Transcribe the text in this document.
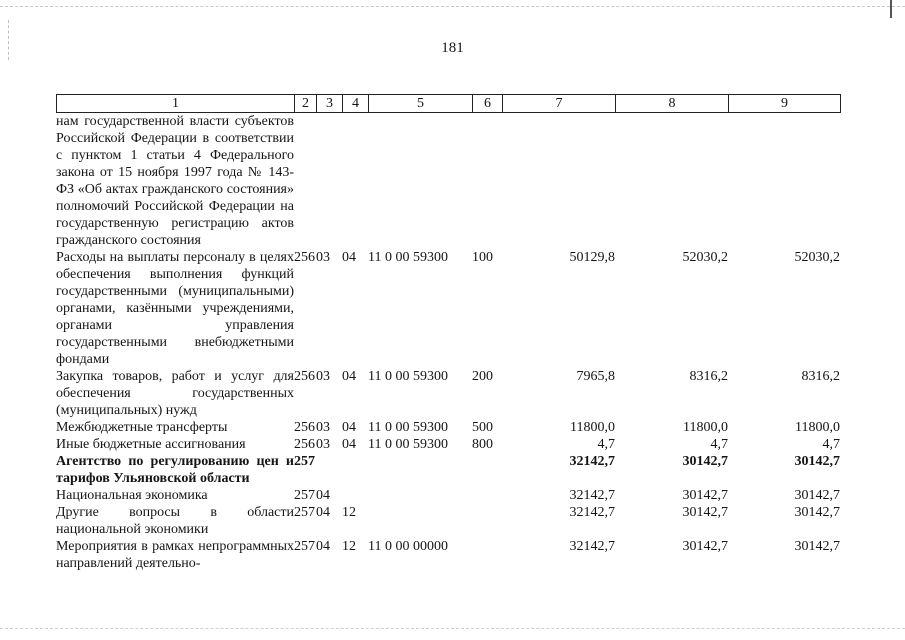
181
1	2	3	4	5	6	7	8	9
нам государственной власти субъектов Российской Федерации в соответствии с пунктом 1 статьи 4 Федерального закона от 15 ноября 1997 года № 143-ФЗ «Об актах гражданского состояния» полномочий Российской Федерации на государственную регистрацию актов гражданского состояния								
Расходы на выплаты персоналу в целях обеспечения выполнения функций государственными (муниципальными) органами, казёнными учреждениями, органами управления государственными внебюджетными фондами	256	03	04	11 0 00 59300	100	50129,8	52030,2	52030,2
Закупка товаров, работ и услуг для обеспечения государственных (муниципальных) нужд	256	03	04	11 0 00 59300	200	7965,8	8316,2	8316,2
Межбюджетные трансферты	256	03	04	11 0 00 59300	500	11800,0	11800,0	11800,0
Иные бюджетные ассигнования	256	03	04	11 0 00 59300	800	4,7	4,7	4,7
Агентство по регулированию цен и тарифов Ульяновской области	257					32142,7	30142,7	30142,7
Национальная экономика	257	04				32142,7	30142,7	30142,7
Другие вопросы в области национальной экономики	257	04	12			32142,7	30142,7	30142,7
Мероприятия в рамках непрограммных направлений деятельно-	257	04	12	11 0 00 00000		32142,7	30142,7	30142,7
